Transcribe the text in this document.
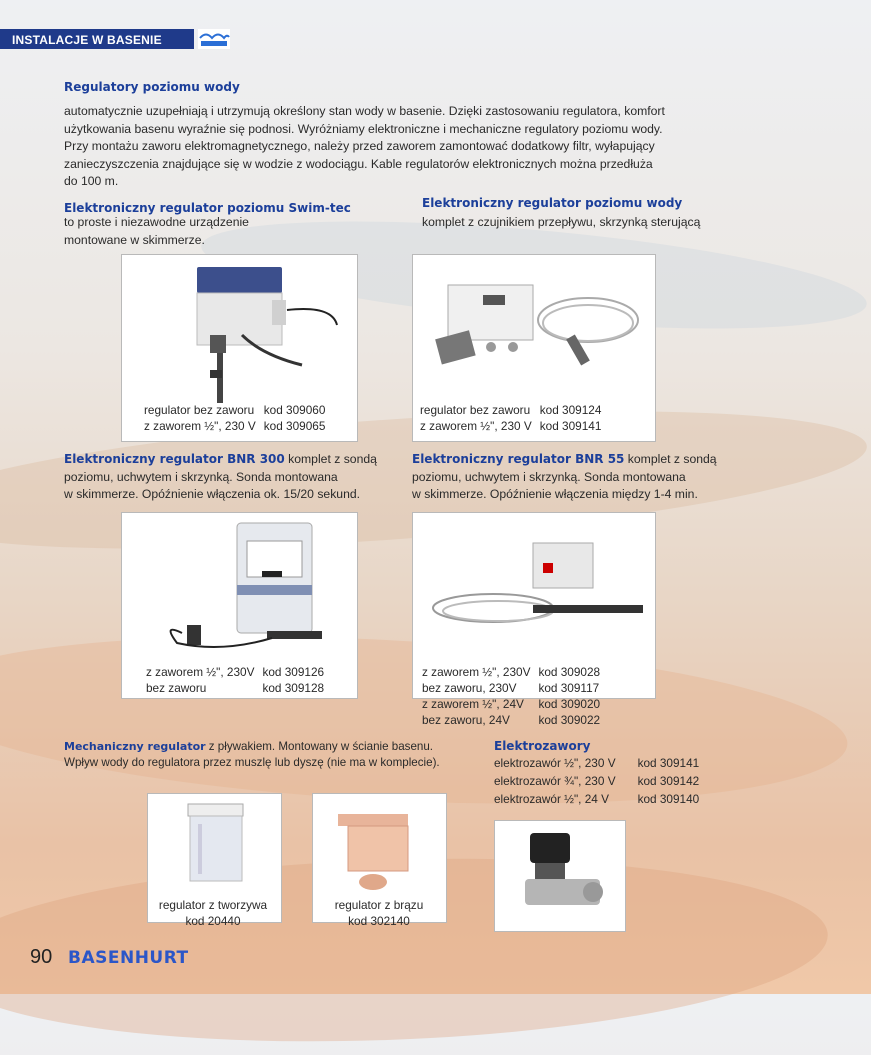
INSTALACJE W BASENIE
Regulatory poziomu wody
automatycznie uzupełniają i utrzymują określony stan wody w basenie. Dzięki zastosowaniu regulatora, komfort
użytkowania basenu wyraźnie się podnosi. Wyróżniamy elektroniczne i mechaniczne regulatory poziomu wody.
Przy montażu zaworu elektromagnetycznego, należy przed zaworem zamontować dodatkowy filtr, wyłapujący
zanieczyszczenia znajdujące się w wodzie z wodociągu. Kable regulatorów elektronicznych można przedłuża
do 100 m.
Elektroniczny regulator poziomu Swim-tec
to proste i niezawodne urządzenie
montowane w skimmerze.
Elektroniczny regulator poziomu wody
komplet z czujnikiem przepływu, skrzynką sterującą
regulator bez zaworu	kod 309060
z zaworem ½", 230 V	kod 309065
regulator bez zaworu	kod 309124
z zaworem ½", 230 V	kod 309141
Elektroniczny regulator BNR 300 komplet z sondą
poziomu, uchwytem i skrzynką. Sonda montowana
w skimmerze. Opóźnienie włączenia ok. 15/20 sekund.
Elektroniczny regulator BNR 55 komplet z sondą
poziomu, uchwytem i skrzynką. Sonda montowana
w skimmerze. Opóźnienie włączenia między 1-4 min.
z zaworem ½", 230V	kod 309126
bez zaworu	kod 309128
z zaworem ½", 230V	kod 309028
bez zaworu, 230V	kod 309117
z zaworem ½", 24V	kod 309020
bez zaworu, 24V	kod 309022
Mechaniczny regulator z pływakiem. Montowany w ścianie basenu.
Wpływ wody do regulatora przez muszlę lub dyszę (nie ma w komplecie).
Elektrozawory
elektrozawór ½", 230 V	kod 309141
elektrozawór ¾", 230 V	kod 309142
elektrozawór ½", 24 V	kod 309140
regulator z tworzywa
kod 20440
regulator z brązu
kod 302140
90 BASENHURT
